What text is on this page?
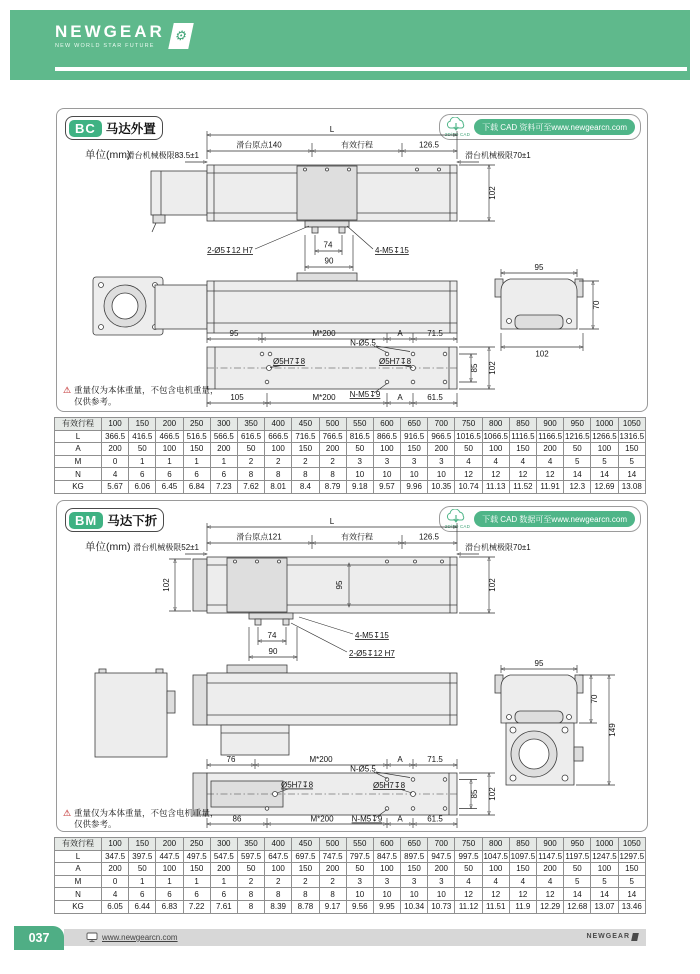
NEWGEAR
NEW WORLD STAR FUTURE
⚙
BC 马达外置	2D/3D CAD
下载 CAD 资料可至www.newgearcn.com
单位(mm)
L
滑台原点140	有效行程	126.5
滑台机械极限83.5±1	滑台机械极限70±1
102
74
90
2-Ø5↧12 H7	4-M5↧15
95
70
102
95	M*200	A	71.5
N-Ø5.5
Ø5H7↧8	Ø5H7↧8
N-M5↧9
85 102
105	M*200	A	61.5
⚠ 重量仅为本体重量，不包含电机重量，
仅供参考。
有效行程	100	150	200	250	300	350	400	450	500	550	600	650	700	750	800	850	900	950	1000	1050
L	366.5	416.5	466.5	516.5	566.5	616.5	666.5	716.5	766.5	816.5	866.5	916.5	966.5	1016.5	1066.5	1116.5	1166.5	1216.5	1266.5	1316.5
A	200	50	100	150	200	50	100	150	200	50	100	150	200	50	100	150	200	50	100	150
M	0	1	1	1	1	2	2	2	2	3	3	3	3	4	4	4	4	5	5	5
N	4	6	6	6	6	8	8	8	8	10	10	10	10	12	12	12	12	14	14	14
KG	5.67	6.06	6.45	6.84	7.23	7.62	8.01	8.4	8.79	9.18	9.57	9.96	10.35	10.74	11.13	11.52	11.91	12.3	12.69	13.08
BM 马达下折	2D/3D CAD
下载 CAD 数据可至www.newgearcn.com
单位(mm)
L
滑台原点121	有效行程	126.5
滑台机械极限52±1	滑台机械极限70±1
102	95	102
74
90
4-M5↧15
2-Ø5↧12 H7
95
70
149
76	M*200	A	71.5
N-Ø5.5
Ø5H7↧8	Ø5H7↧8
N-M5↧9
85 102
86	M*200	A	61.5
⚠ 重量仅为本体重量，不包含电机重量，
仅供参考。
有效行程	100	150	200	250	300	350	400	450	500	550	600	650	700	750	800	850	900	950	1000	1050
L	347.5	397.5	447.5	497.5	547.5	597.5	647.5	697.5	747.5	797.5	847.5	897.5	947.5	997.5	1047.5	1097.5	1147.5	1197.5	1247.5	1297.5
A	200	50	100	150	200	50	100	150	200	50	100	150	200	50	100	150	200	50	100	150
M	0	1	1	1	1	2	2	2	2	3	3	3	3	4	4	4	4	5	5	5
N	4	6	6	6	6	8	8	8	8	10	10	10	10	12	12	12	12	14	14	14
KG	6.05	6.44	6.83	7.22	7.61	8	8.39	8.78	9.17	9.56	9.95	10.34	10.73	11.12	11.51	11.9	12.29	12.68	13.07	13.46
037	www.newgearcn.com	NEWGEAR
